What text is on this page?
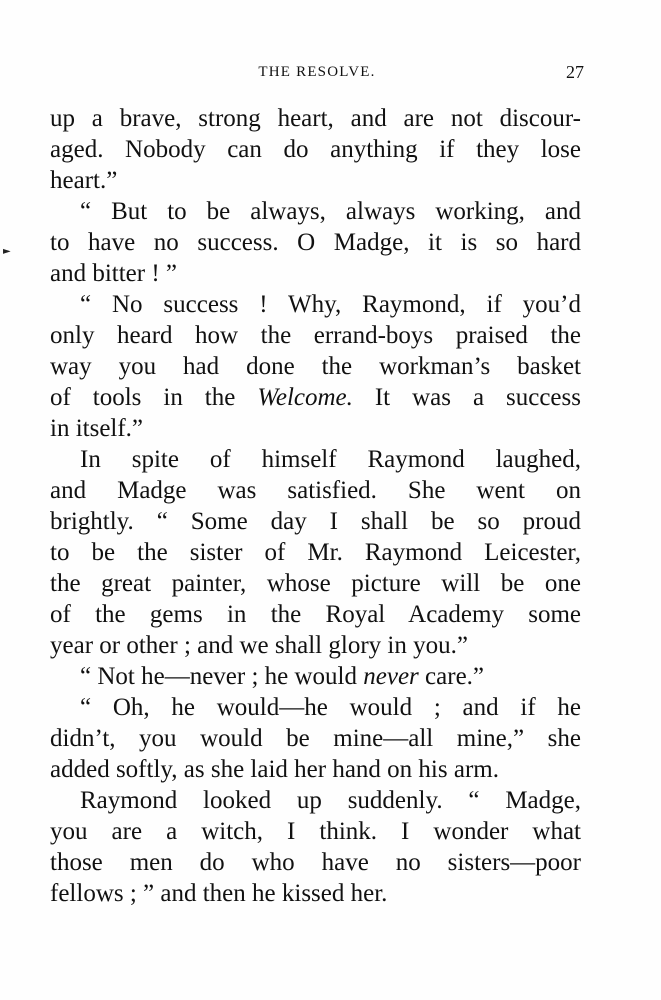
THE RESOLVE.	27
►
up a brave, strong heart, and are not discour-
aged. Nobody can do anything if they lose
heart.”
“ But to be always, always working, and
to have no success. O Madge, it is so hard
and bitter ! ”
“ No success ! Why, Raymond, if you’d
only heard how the errand-boys praised the
way you had done the workman’s basket
of tools in the Welcome. It was a success
in itself.”
In spite of himself Raymond laughed,
and Madge was satisfied. She went on
brightly. “ Some day I shall be so proud
to be the sister of Mr. Raymond Leicester,
the great painter, whose picture will be one
of the gems in the Royal Academy some
year or other ; and we shall glory in you.”
“ Not he—never ; he would never care.”
“ Oh, he would—he would ; and if he
didn’t, you would be mine—all mine,” she
added softly, as she laid her hand on his arm.
Raymond looked up suddenly. “ Madge,
you are a witch, I think. I wonder what
those men do who have no sisters—poor
fellows ; ” and then he kissed her.
